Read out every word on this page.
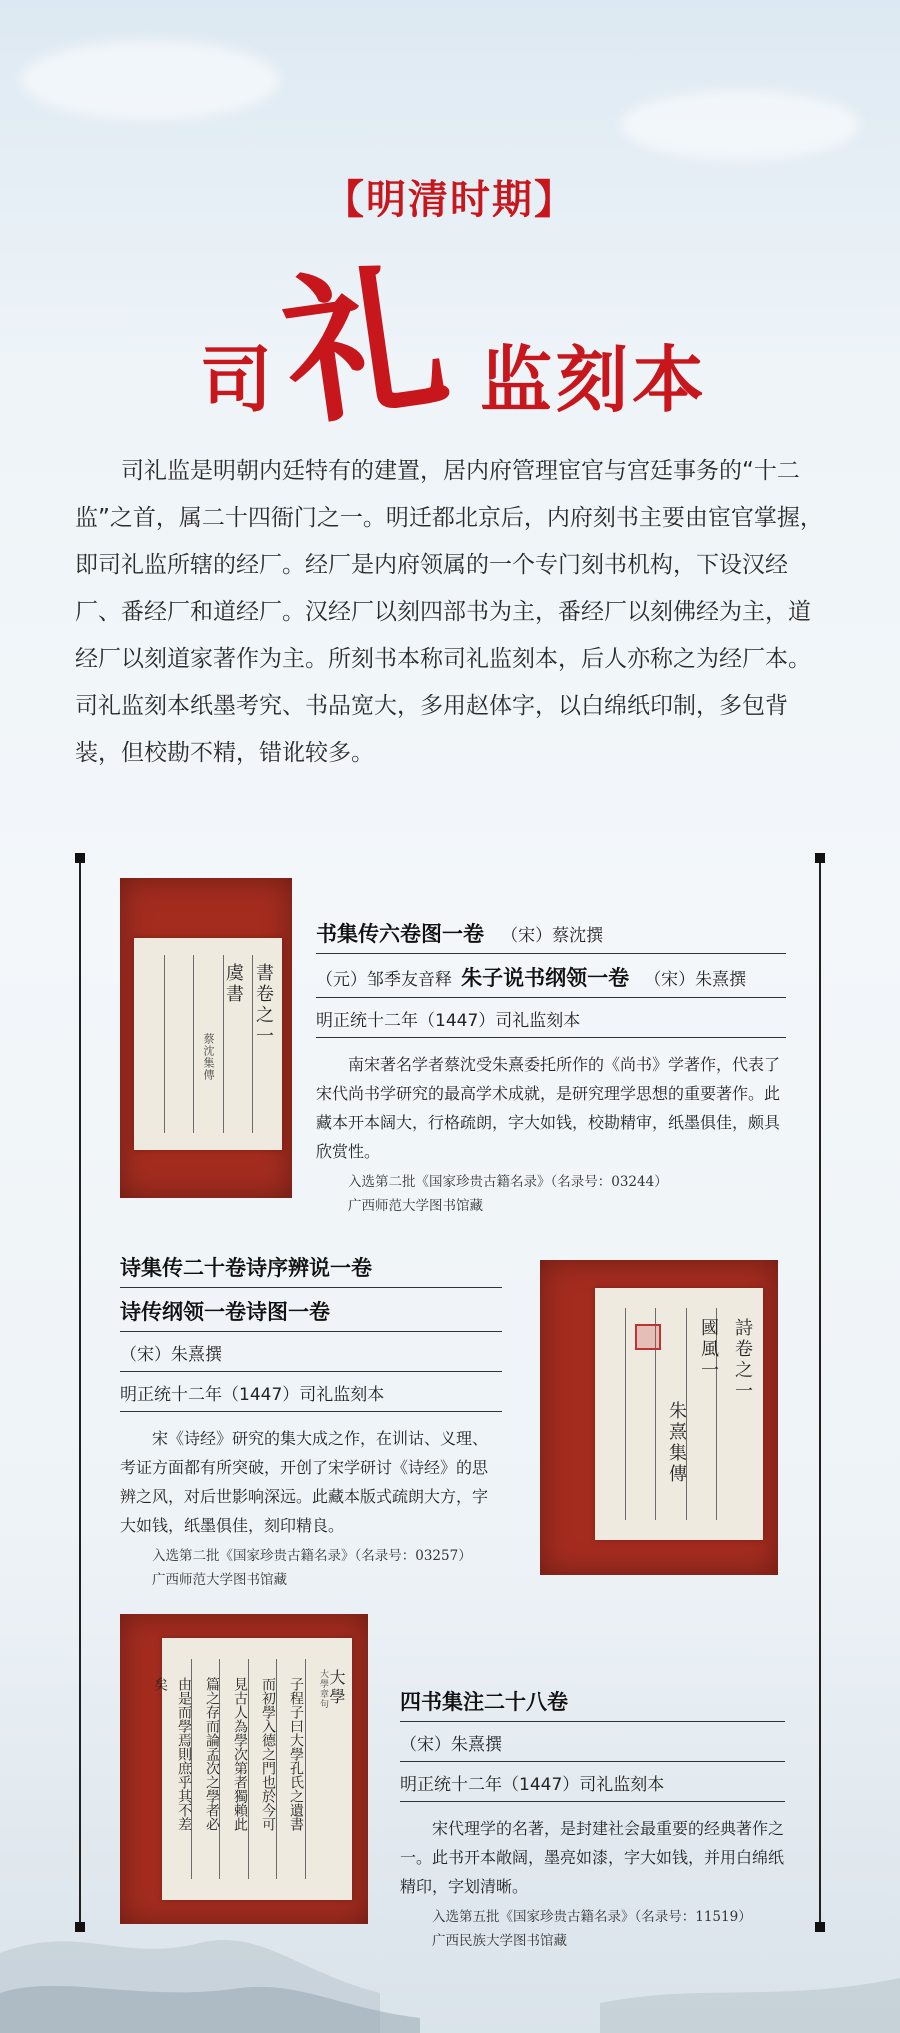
【明清时期】
司 礼 监刻本

司礼监是明朝内廷特有的建置，居内府管理宦官与宫廷事务的“十二监”之首，属二十四衙门之一。明迁都北京后，内府刻书主要由宦官掌握，即司礼监所辖的经厂。经厂是内府领属的一个专门刻书机构，下设汉经厂、番经厂和道经厂。汉经厂以刻四部书为主，番经厂以刻佛经为主，道经厂以刻道家著作为主。所刻书本称司礼监刻本，后人亦称之为经厂本。司礼监刻本纸墨考究、书品宽大，多用赵体字，以白绵纸印制，多包背装，但校勘不精，错讹较多。

書卷之一
虞書
蔡沈集傳
书集传六卷图一卷 （宋）蔡沈撰
（元）邹季友音释 朱子说书纲领一卷 （宋）朱熹撰
明正统十二年（1447）司礼监刻本

南宋著名学者蔡沈受朱熹委托所作的《尚书》学著作，代表了宋代尚书学研究的最高学术成就，是研究理学思想的重要著作。此藏本开本阔大，行格疏朗，字大如钱，校勘精审，纸墨俱佳，颇具欣赏性。

入选第二批《国家珍贵古籍名录》（名录号：03244）
广西师范大学图书馆藏
诗集传二十卷诗序辨说一卷
诗传纲领一卷诗图一卷
（宋）朱熹撰
明正统十二年（1447）司礼监刻本

宋《诗经》研究的集大成之作，在训诂、义理、考证方面都有所突破，开创了宋学研讨《诗经》的思辨之风，对后世影响深远。此藏本版式疏朗大方，字大如钱，纸墨俱佳，刻印精良。

入选第二批《国家珍贵古籍名录》（名录号：03257）
广西师范大学图书馆藏
詩卷之一
國風一
朱熹集傳
大學
大學章句
子程子曰大學孔氏之遺書
而初學入德之門也於今可
見古人為學次第者獨賴此
篇之存而論孟次之學者必
由是而學焉則庶乎其不差
矣
四书集注二十八卷
（宋）朱熹撰
明正统十二年（1447）司礼监刻本

宋代理学的名著，是封建社会最重要的经典著作之一。此书开本敞阔，墨亮如漆，字大如钱，并用白绵纸精印，字划清晰。

入选第五批《国家珍贵古籍名录》（名录号：11519）
广西民族大学图书馆藏
